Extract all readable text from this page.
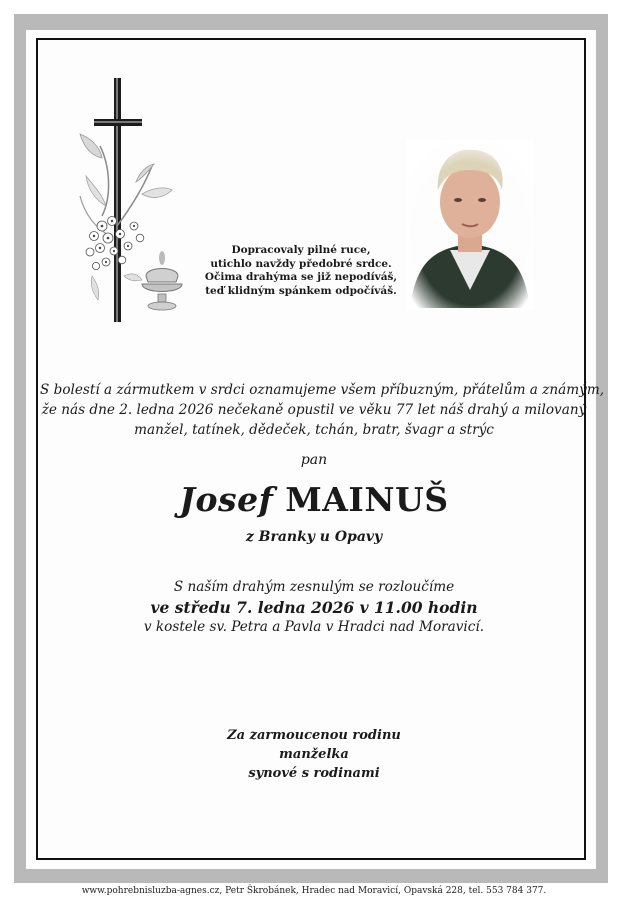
Dopracovaly pilné ruce,
utichlo navždy předobré srdce.
Očima drahýma se již nepodíváš,
teď klidným spánkem odpočíváš.
S bolestí a zármutkem v srdci oznamujeme všem příbuzným, přátelům a známým,
že nás dne 2. ledna 2026 nečekaně opustil ve věku 77 let náš drahý a milovaný
manžel, tatínek, dědeček, tchán, bratr, švagr a strýc
pan
Josef MAINUŠ
z Branky u Opavy
S naším drahým zesnulým se rozloučíme
ve středu 7. ledna 2026 v 11.00 hodin
v kostele sv. Petra a Pavla v Hradci nad Moravicí.
Za zarmoucenou rodinu
manželka
synové s rodinami
www.pohrebnisluzba-agnes.cz, Petr Škrobánek, Hradec nad Moravicí, Opavská 228, tel. 553 784 377.
